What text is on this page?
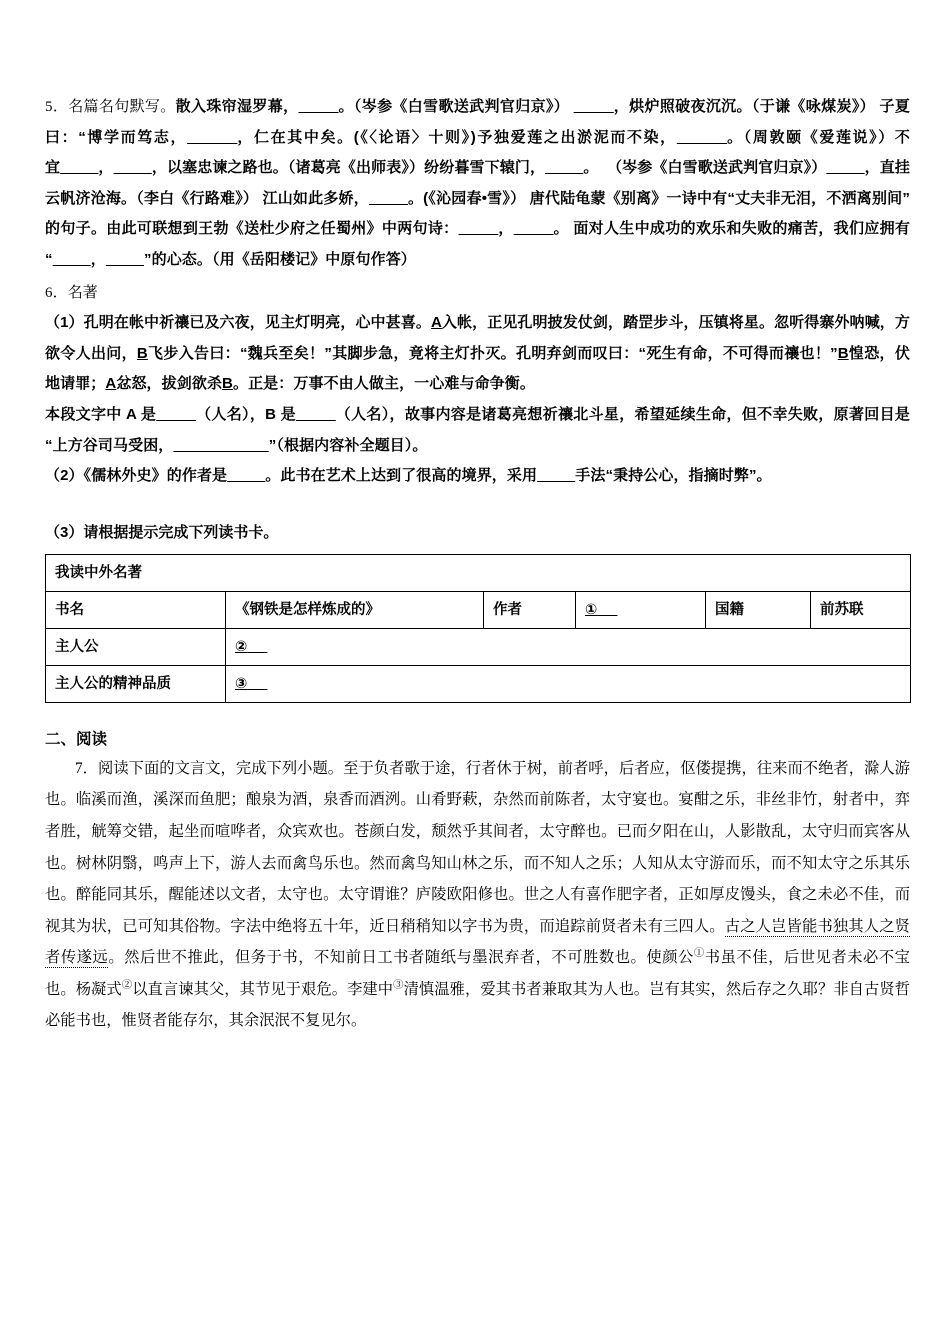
5．名篇名句默写。散入珠帘湿罗幕，	。（岑参《白雪歌送武判官归京》）	，烘炉照破夜沉沉。（于谦《咏煤炭》） 子夏曰：“博学而笃志，	，仁在其中矣。(《〈论语〉十则》)予独爱莲之出淤泥而不染，	。（周敦颐《爱莲说》）不宜	，	，以塞忠谏之路也。（诸葛亮《出师表》）纷纷暮雪下辕门，	。 （岑参《白雪歌送武判官归京》）	，直挂云帆济沧海。（李白《行路难》） 江山如此多娇，	。(《沁园春•雪》） 唐代陆龟蒙《别离》一诗中有“丈夫非无泪，不洒离别间”的句子。由此可联想到王勃《送杜少府之任蜀州》中两句诗：	，	。 面对人生中成功的欢乐和失败的痛苦，我们应拥有“	，	”的心态。（用《岳阳楼记》中原句作答）

6．名著

（1）孔明在帐中祈禳已及六夜，见主灯明亮，心中甚喜。A入帐，正见孔明披发仗剑，踏罡步斗，压镇将星。忽听得寨外呐喊，方欲令人出问，B飞步入告曰：“魏兵至矣！”其脚步急，竟将主灯扑灭。孔明弃剑而叹曰：“死生有命，不可得而禳也！”B惶恐，伏地请罪；A忿怒，拔剑欲杀B。正是：万事不由人做主，一心难与命争衡。

本段文字中 A 是	（人名），B 是	（人名），故事内容是诸葛亮想祈禳北斗星，希望延续生命，但不幸失败，原著回目是“上方谷司马受困，	”（根据内容补全题目）。

（2）《儒林外史》的作者是	。此书在艺术上达到了很高的境界，采用	手法“秉持公心，指摘时弊”。

（3）请根据提示完成下列读书卡。

我读中外名著					
书名	《钢铁是怎样炼成的》	作者	①	国籍	前苏联
主人公	②				
主人公的精神品质	③				

二、阅读

7．阅读下面的文言文，完成下列小题。至于负者歌于途，行者休于树，前者呼，后者应，伛偻提携，往来而不绝者，滁人游也。临溪而渔，溪深而鱼肥；酿泉为酒，泉香而酒洌。山肴野蔌，杂然而前陈者，太守宴也。宴酣之乐，非丝非竹，射者中，弈者胜，觥筹交错，起坐而喧哗者，众宾欢也。苍颜白发，颓然乎其间者，太守醉也。已而夕阳在山，人影散乱，太守归而宾客从也。树林阴翳，鸣声上下，游人去而禽鸟乐也。然而禽鸟知山林之乐，而不知人之乐；人知从太守游而乐，而不知太守之乐其乐也。醉能同其乐，醒能述以文者，太守也。太守谓谁？庐陵欧阳修也。世之人有喜作肥字者，正如厚皮馒头，食之未必不佳，而视其为状，已可知其俗物。字法中绝将五十年，近日稍稍知以字书为贵，而追踪前贤者未有三四人。古之人岂皆能书独其人之贤者传遂远。然后世不推此，但务于书，不知前日工书者随纸与墨泯弃者，不可胜数也。使颜公①书虽不佳，后世见者未必不宝也。杨凝式②以直言谏其父，其节见于艰危。李建中③清慎温雅，爱其书者兼取其为人也。岂有其实，然后存之久耶？非自古贤哲必能书也，惟贤者能存尔，其余泯泯不复见尔。
